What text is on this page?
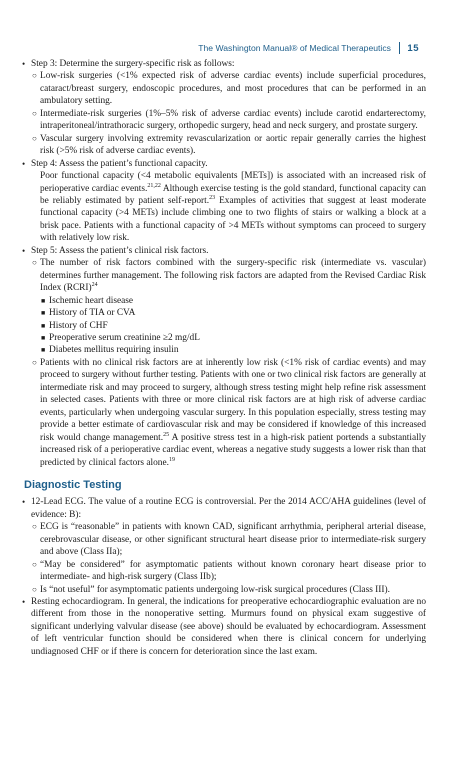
The Washington Manual® of Medical Therapeutics 15
• Step 3: Determine the surgery-specific risk as follows:
○ Low-risk surgeries (<1% expected risk of adverse cardiac events) include superficial procedures, cataract/breast surgery, endoscopic procedures, and most procedures that can be performed in an ambulatory setting.
○ Intermediate-risk surgeries (1%–5% risk of adverse cardiac events) include carotid endarterectomy, intraperitoneal/intrathoracic surgery, orthopedic surgery, head and neck surgery, and prostate surgery.
○ Vascular surgery involving extremity revascularization or aortic repair generally carries the highest risk (>5% risk of adverse cardiac events).
• Step 4: Assess the patient’s functional capacity.
Poor functional capacity (<4 metabolic equivalents [METs]) is associated with an increased risk of perioperative cardiac events.$^{21,22}$ Although exercise testing is the gold standard, functional capacity can be reliably estimated by patient self-report.$^{23}$ Examples of activities that suggest at least moderate functional capacity (>4 METs) include climbing one to two flights of stairs or walking a block at a brisk pace. Patients with a functional capacity of >4 METs without symptoms can proceed to surgery with relatively low risk.
• Step 5: Assess the patient’s clinical risk factors.
○ The number of risk factors combined with the surgery-specific risk (intermediate vs. vascular) determines further management. The following risk factors are adapted from the Revised Cardiac Risk Index (RCRI)$^{24}$
■ Ischemic heart disease
■ History of TIA or CVA
■ History of CHF
■ Preoperative serum creatinine ≥2 mg/dL
■ Diabetes mellitus requiring insulin
○ Patients with no clinical risk factors are at inherently low risk (<1% risk of cardiac events) and may proceed to surgery without further testing. Patients with one or two clinical risk factors are generally at intermediate risk and may proceed to surgery, although stress testing might help refine risk assessment in selected cases. Patients with three or more clinical risk factors are at high risk of adverse cardiac events, particularly when undergoing vascular surgery. In this population especially, stress testing may provide a better estimate of cardiovascular risk and may be considered if knowledge of this increased risk would change management.$^{25}$ A positive stress test in a high-risk patient portends a substantially increased risk of a perioperative cardiac event, whereas a negative study suggests a lower risk than that predicted by clinical factors alone.$^{19}$
Diagnostic Testing
• 12-Lead ECG. The value of a routine ECG is controversial. Per the 2014 ACC/AHA guidelines (level of evidence: B):
○ ECG is “reasonable” in patients with known CAD, significant arrhythmia, peripheral arterial disease, cerebrovascular disease, or other significant structural heart disease prior to intermediate-risk surgery and above (Class IIa);
○ “May be considered” for asymptomatic patients without known coronary heart disease prior to intermediate- and high-risk surgery (Class IIb);
○ Is “not useful” for asymptomatic patients undergoing low-risk surgical procedures (Class III).
• Resting echocardiogram. In general, the indications for preoperative echocardiographic evaluation are no different from those in the nonoperative setting. Murmurs found on physical exam suggestive of significant underlying valvular disease (see above) should be evaluated by echocardiogram. Assessment of left ventricular function should be considered when there is clinical concern for underlying undiagnosed CHF or if there is concern for deterioration since the last exam.
